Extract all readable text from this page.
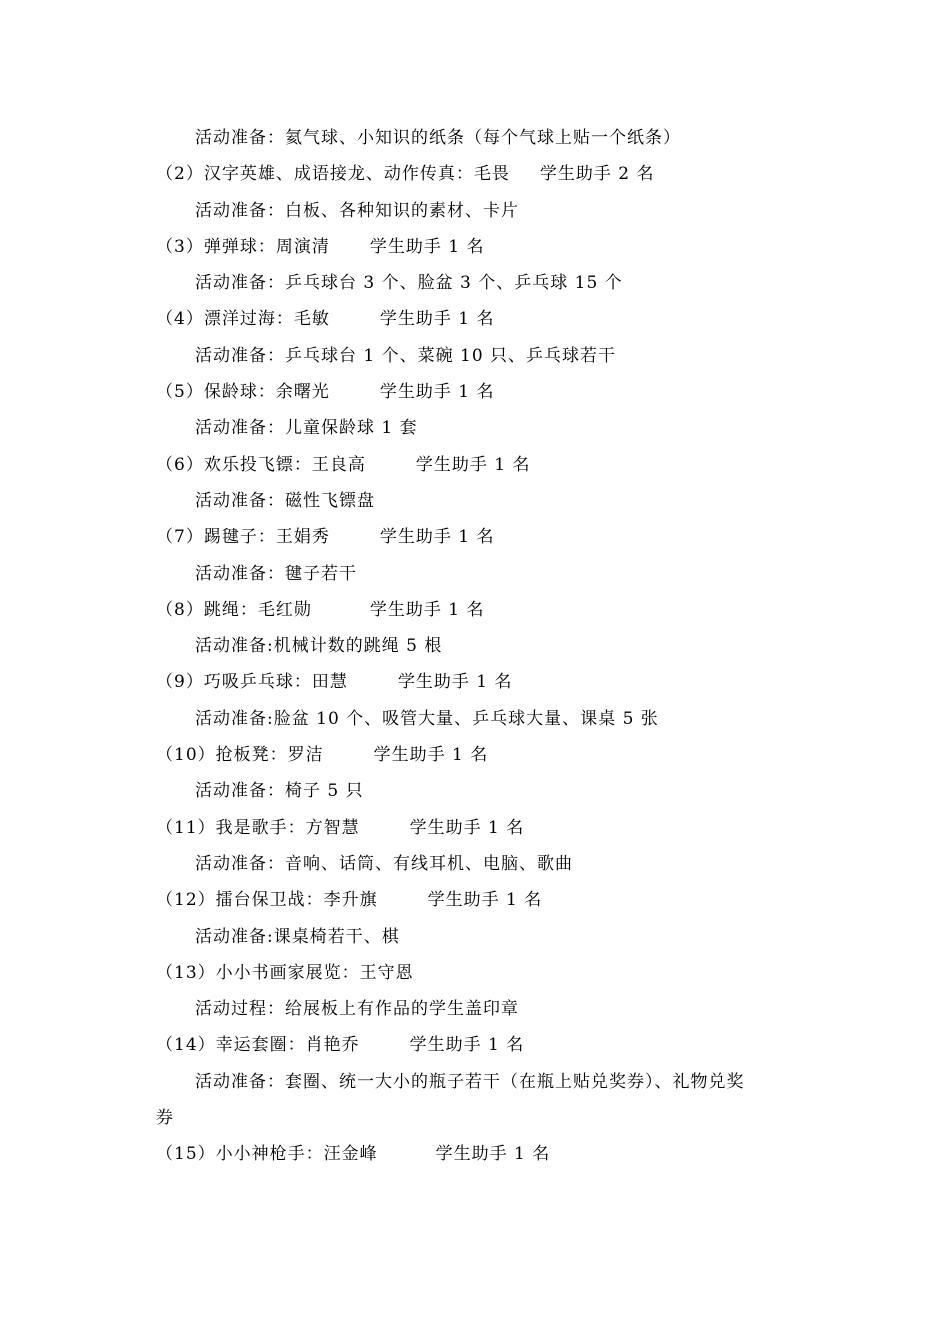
活动准备：氦气球、小知识的纸条（每个气球上贴一个纸条）
（2）汉字英雄、成语接龙、动作传真：毛畏 学生助手 2 名
活动准备：白板、各种知识的素材、卡片
（3）弹弹球：周演清 学生助手 1 名
活动准备：乒乓球台 3 个、脸盆 3 个、乒乓球 15 个
（4）漂洋过海：毛敏	学生助手 1 名
活动准备：乒乓球台 1 个、菜碗 10 只、乒乓球若干
（5）保龄球：余曙光	学生助手 1 名
活动准备：儿童保龄球 1 套
（6）欢乐投飞镖：王良高	学生助手 1 名
活动准备：磁性飞镖盘
（7）踢毽子：王娟秀	学生助手 1 名
活动准备：毽子若干
（8）跳绳：毛红勋	学生助手 1 名
活动准备:机械计数的跳绳 5 根
（9）巧吸乒乓球：田慧	学生助手 1 名
活动准备:脸盆 10 个、吸管大量、乒乓球大量、课桌 5 张
（10）抢板凳：罗洁	学生助手 1 名
活动准备：椅子 5 只
（11）我是歌手：方智慧	学生助手 1 名
活动准备：音响、话筒、有线耳机、电脑、歌曲
（12）擂台保卫战：李升旗	学生助手 1 名
活动准备:课桌椅若干、棋
（13）小小书画家展览：王守恩
活动过程：给展板上有作品的学生盖印章
（14）幸运套圈：肖艳乔	学生助手 1 名
活动准备：套圈、统一大小的瓶子若干（在瓶上贴兑奖券）、礼物兑奖
券
（15）小小神枪手：汪金峰	学生助手 1 名
